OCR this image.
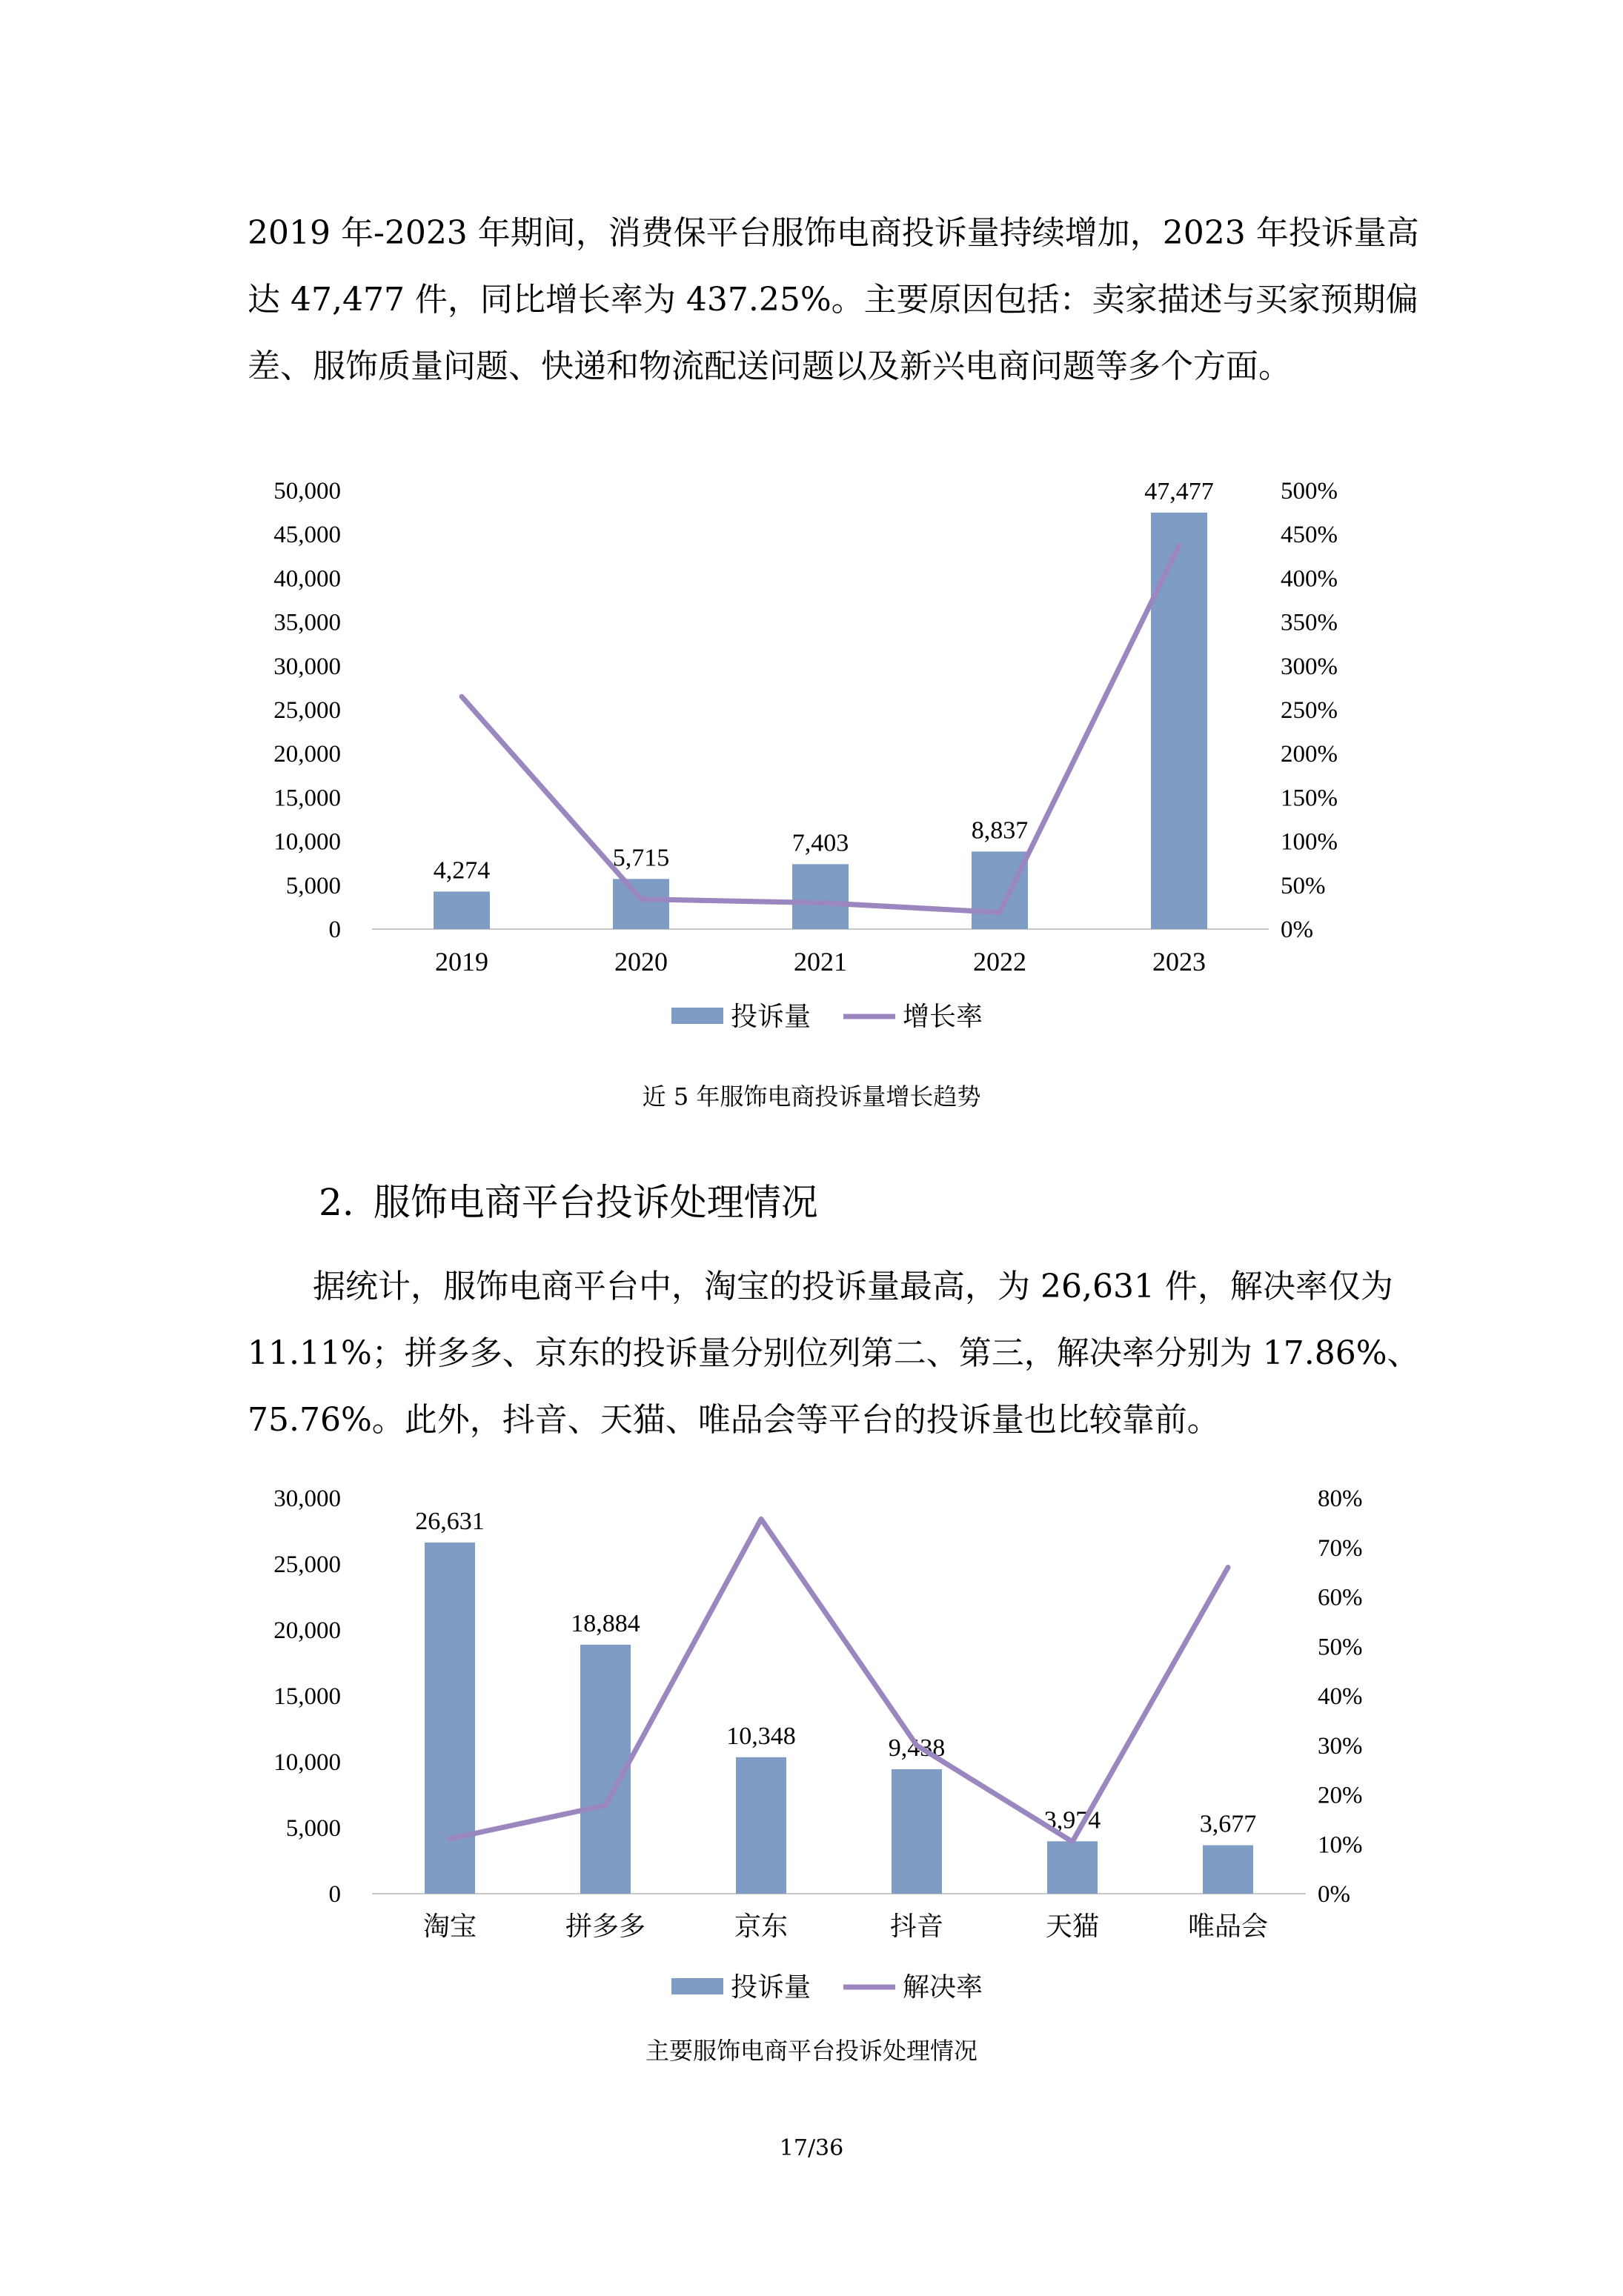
2019 年-2023 年期间，消费保平台服饰电商投诉量持续增加，2023 年投诉量高
达 47,477 件，同比增长率为 437.25%。主要原因包括：卖家描述与买家预期偏
差、服饰质量问题、快递和物流配送问题以及新兴电商问题等多个方面。
0
5,000
10,000
15,000
20,000
25,000
30,000
35,000
40,000
45,000
50,000
0%
50%
100%
150%
200%
250%
300%
350%
400%
450%
500%
4,274
2019
5,715
2020
7,403
2021
8,837
2022
47,477
2023
投诉量	增长率
近 5 年服饰电商投诉量增长趋势
2. 服饰电商平台投诉处理情况
据统计，服饰电商平台中，淘宝的投诉量最高，为 26,631 件，解决率仅为
11.11%；拼多多、京东的投诉量分别位列第二、第三，解决率分别为 17.86%、
75.76%。此外，抖音、天猫、唯品会等平台的投诉量也比较靠前。
0
5,000
10,000
15,000
20,000
25,000
30,000
0%
10%
20%
30%
40%
50%
60%
70%
80%
26,631
淘宝
18,884
拼多多
10,348
京东
9,438
抖音
3,974
天猫
3,677
唯品会
投诉量	解决率
主要服饰电商平台投诉处理情况
17/36
